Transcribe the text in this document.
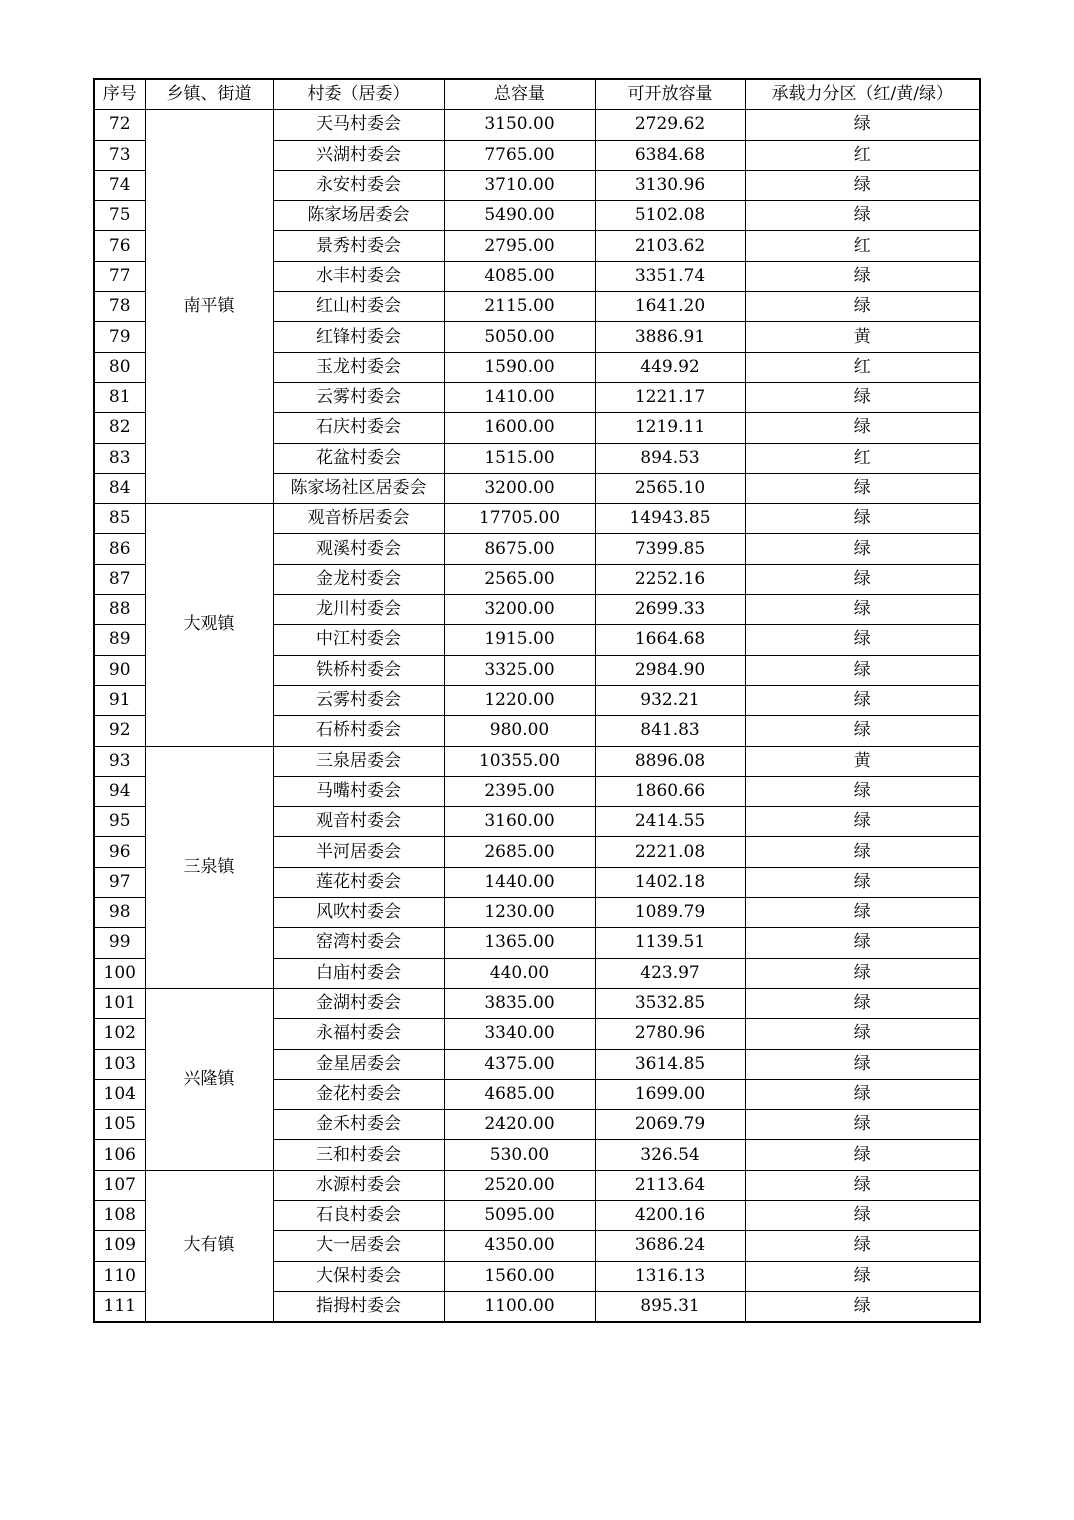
序号	乡镇、街道	村委（居委）	总容量	可开放容量	承载力分区（红/黄/绿）
72	南平镇	天马村委会	3150.00	2729.62	绿
73		兴湖村委会	7765.00	6384.68	红
74		永安村委会	3710.00	3130.96	绿
75		陈家场居委会	5490.00	5102.08	绿
76		景秀村委会	2795.00	2103.62	红
77		水丰村委会	4085.00	3351.74	绿
78		红山村委会	2115.00	1641.20	绿
79		红锋村委会	5050.00	3886.91	黄
80		玉龙村委会	1590.00	449.92	红
81		云雾村委会	1410.00	1221.17	绿
82		石庆村委会	1600.00	1219.11	绿
83		花盆村委会	1515.00	894.53	红
84		陈家场社区居委会	3200.00	2565.10	绿
85	大观镇	观音桥居委会	17705.00	14943.85	绿
86		观溪村委会	8675.00	7399.85	绿
87		金龙村委会	2565.00	2252.16	绿
88		龙川村委会	3200.00	2699.33	绿
89		中江村委会	1915.00	1664.68	绿
90		铁桥村委会	3325.00	2984.90	绿
91		云雾村委会	1220.00	932.21	绿
92		石桥村委会	980.00	841.83	绿
93	三泉镇	三泉居委会	10355.00	8896.08	黄
94		马嘴村委会	2395.00	1860.66	绿
95		观音村委会	3160.00	2414.55	绿
96		半河居委会	2685.00	2221.08	绿
97		莲花村委会	1440.00	1402.18	绿
98		风吹村委会	1230.00	1089.79	绿
99		窑湾村委会	1365.00	1139.51	绿
100		白庙村委会	440.00	423.97	绿
101	兴隆镇	金湖村委会	3835.00	3532.85	绿
102		永福村委会	3340.00	2780.96	绿
103		金星居委会	4375.00	3614.85	绿
104		金花村委会	4685.00	1699.00	绿
105		金禾村委会	2420.00	2069.79	绿
106		三和村委会	530.00	326.54	绿
107	大有镇	水源村委会	2520.00	2113.64	绿
108		石良村委会	5095.00	4200.16	绿
109		大一居委会	4350.00	3686.24	绿
110		大保村委会	1560.00	1316.13	绿
111		指拇村委会	1100.00	895.31	绿
